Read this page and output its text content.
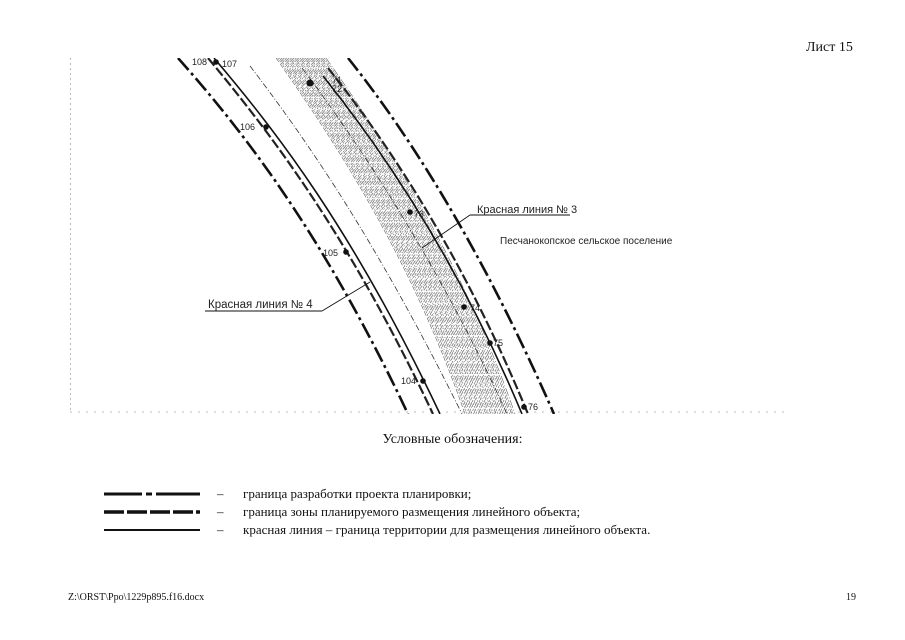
Лист 15
108 107
71
72
106
73
105
74
75
104
76
Красная линия № 3
Песчанокопское сельское поселение
Красная линия № 4
Условные обозначения:
– граница разработки проекта планировки;
– граница зоны планируемого размещения линейного объекта;
– красная линия – граница территории для размещения линейного объекта.
Z:\ORST\Ppo\1229p895.f16.docx	19
